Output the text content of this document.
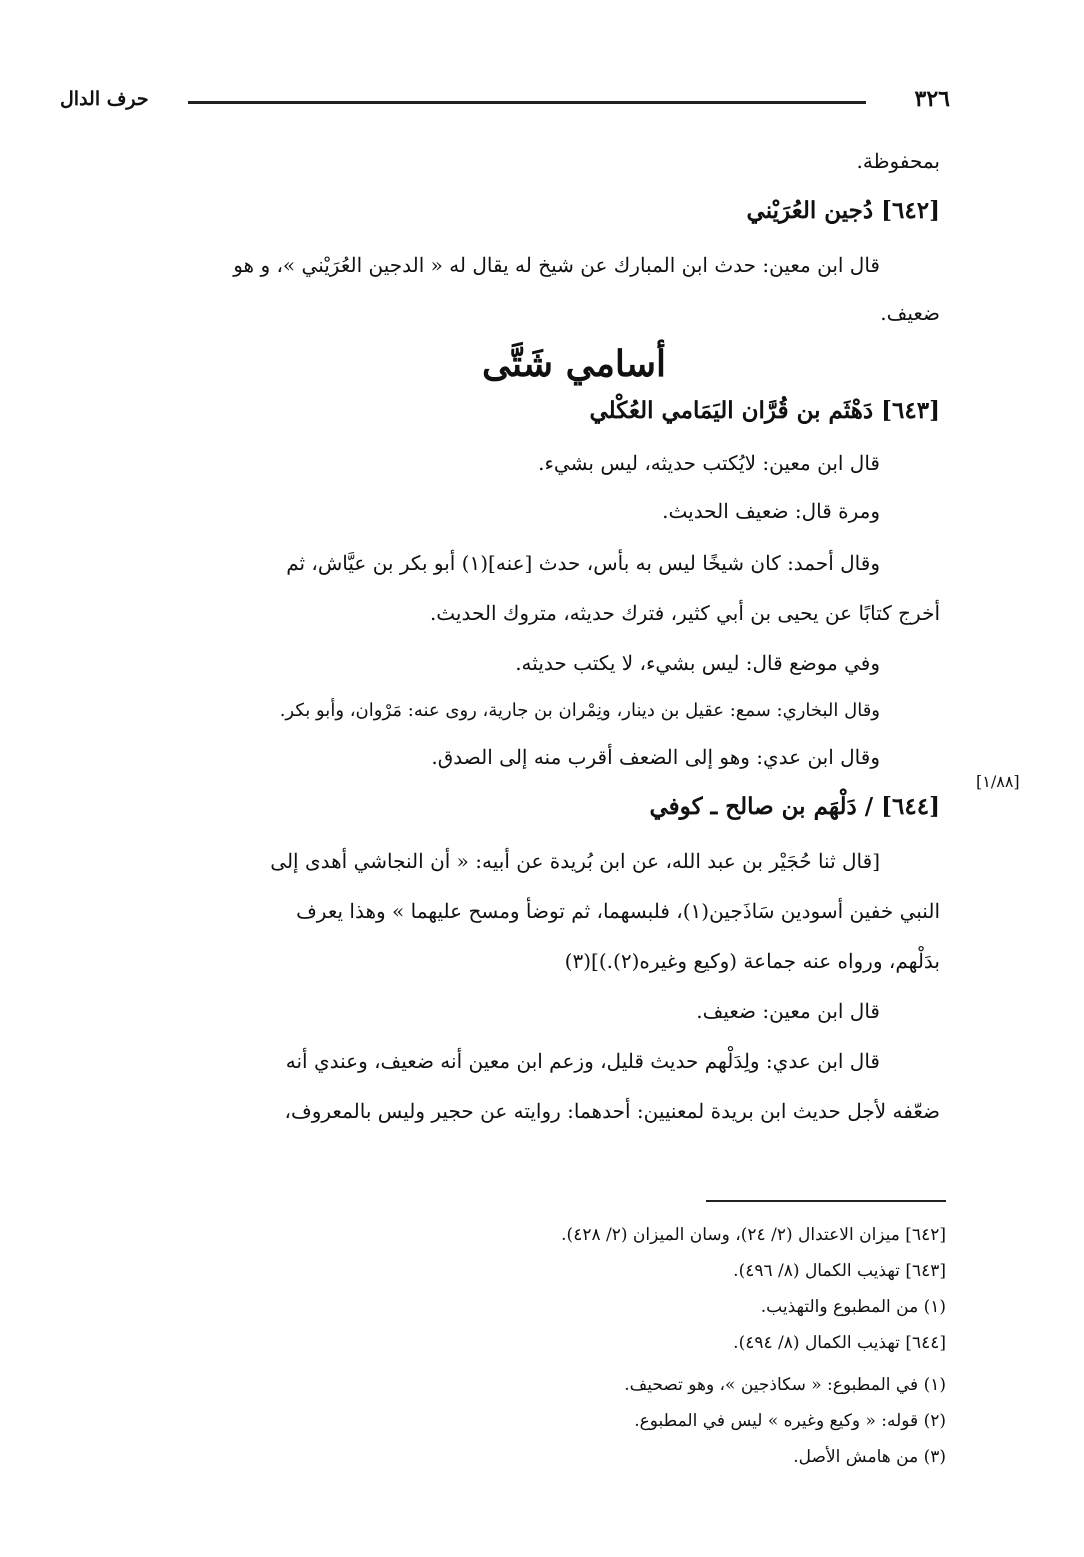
٣٢٦
حرف الدال
بمحفوظة.
[٦٤٢] دُجين العُرَيْني
قال ابن معين: حدث ابن المبارك عن شيخ له يقال له « الدجين العُرَيْني »، و هو
ضعيف.
أسامي شَتَّى
[٦٤٣] دَهْثَم بن قُرَّان اليَمَامي العُكْلي
قال ابن معين: لايُكتب حديثه، ليس بشيء.
ومرة قال: ضعيف الحديث.
وقال أحمد: كان شيخًا ليس به بأس، حدث [عنه](١) أبو بكر بن عيَّاش، ثم
أخرج كتابًا عن يحيى بن أبي كثير، فترك حديثه، متروك الحديث.
وفي موضع قال: ليس بشيء، لا يكتب حديثه.
وقال البخاري: سمع: عقيل بن دينار، ونِمْران بن جارية، روى عنه: مَرْوان، وأبو بكر.
وقال ابن عدي: وهو إلى الضعف أقرب منه إلى الصدق.
[١/٨٨]
[٦٤٤] / دَلْهَم بن صالح ـ كوفي
[قال ثنا حُجَيْر بن عبد الله، عن ابن بُريدة عن أبيه: « أن النجاشي أهدى إلى
النبي خفين أسودين سَاذَجين(١)، فلبسهما، ثم توضأ ومسح عليهما » وهذا يعرف
بدَلْهم، ورواه عنه جماعة (وكيع وغيره(٢).)](٣)
قال ابن معين: ضعيف.
قال ابن عدي: ولِدَلْهم حديث قليل، وزعم ابن معين أنه ضعيف، وعندي أنه
ضعّفه لأجل حديث ابن بريدة لمعنيين: أحدهما: روايته عن حجير وليس بالمعروف،
[٦٤٢] ميزان الاعتدال (٢/ ٢٤)، وسان الميزان (٢/ ٤٢٨).
[٦٤٣] تهذيب الكمال (٨/ ٤٩٦).
(١) من المطبوع والتهذيب.
[٦٤٤] تهذيب الكمال (٨/ ٤٩٤).
(١) في المطبوع: « سكاذجين »، وهو تصحيف.
(٢) قوله: « وكيع وغيره » ليس في المطبوع.
(٣) من هامش الأصل.
